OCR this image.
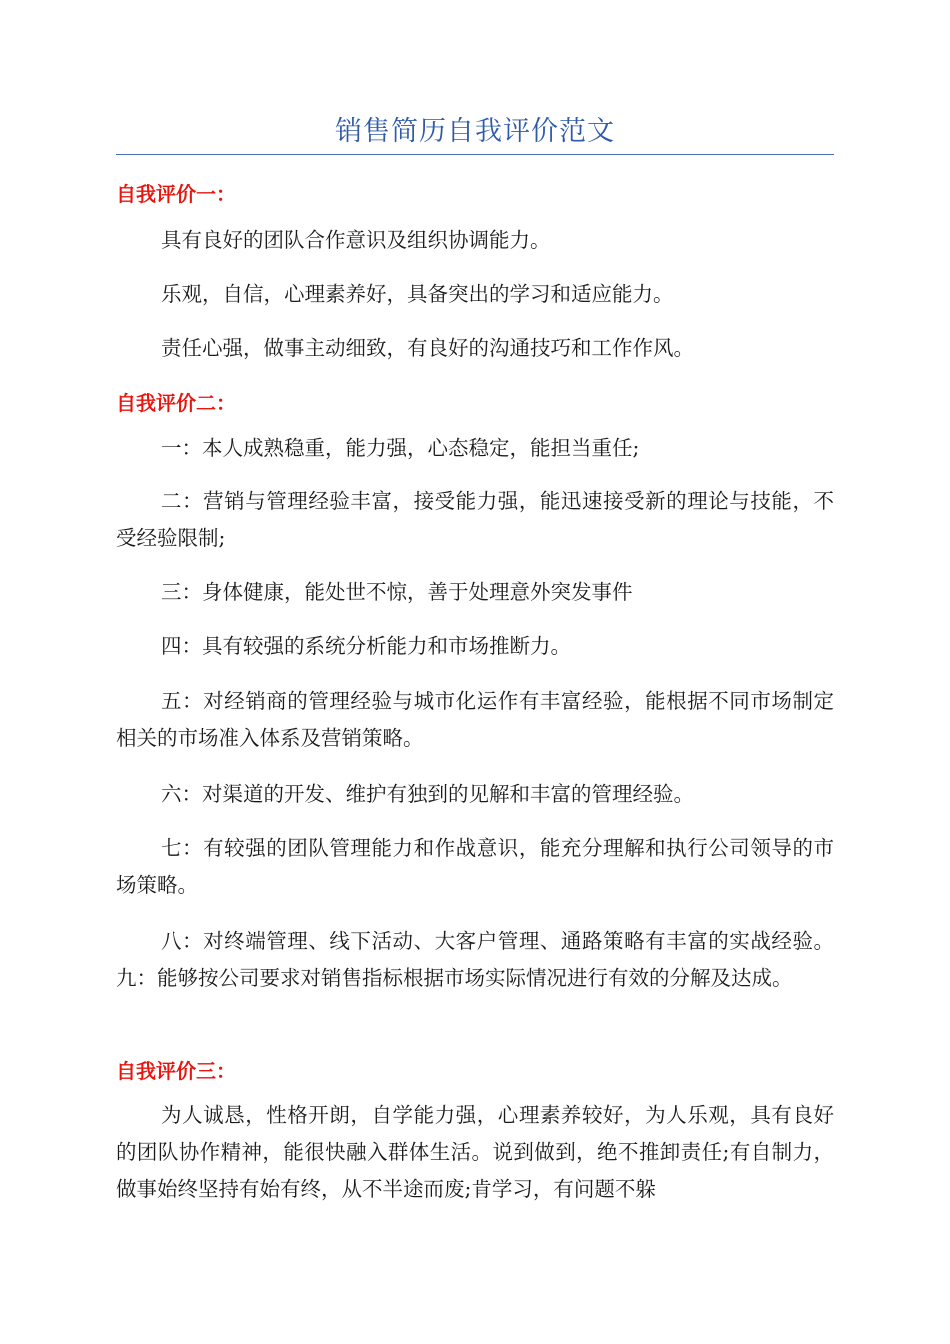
销售简历自我评价范文
自我评价一：

具有良好的团队合作意识及组织协调能力。

乐观，自信，心理素养好，具备突出的学习和适应能力。

责任心强，做事主动细致，有良好的沟通技巧和工作作风。

自我评价二：

一：本人成熟稳重，能力强，心态稳定，能担当重任;

二：营销与管理经验丰富，接受能力强，能迅速接受新的理论与技能，不受经验限制;

三：身体健康，能处世不惊，善于处理意外突发事件

四：具有较强的系统分析能力和市场推断力。

五：对经销商的管理经验与城市化运作有丰富经验，能根据不同市场制定相关的市场准入体系及营销策略。

六：对渠道的开发、维护有独到的见解和丰富的管理经验。

七：有较强的团队管理能力和作战意识，能充分理解和执行公司领导的市场策略。

八：对终端管理、线下活动、大客户管理、通路策略有丰富的实战经验。九：能够按公司要求对销售指标根据市场实际情况进行有效的分解及达成。

自我评价三：

为人诚恳，性格开朗，自学能力强，心理素养较好，为人乐观，具有良好的团队协作精神，能很快融入群体生活。说到做到，绝不推卸责任;有自制力，做事始终坚持有始有终，从不半途而废;肯学习，有问题不躲
